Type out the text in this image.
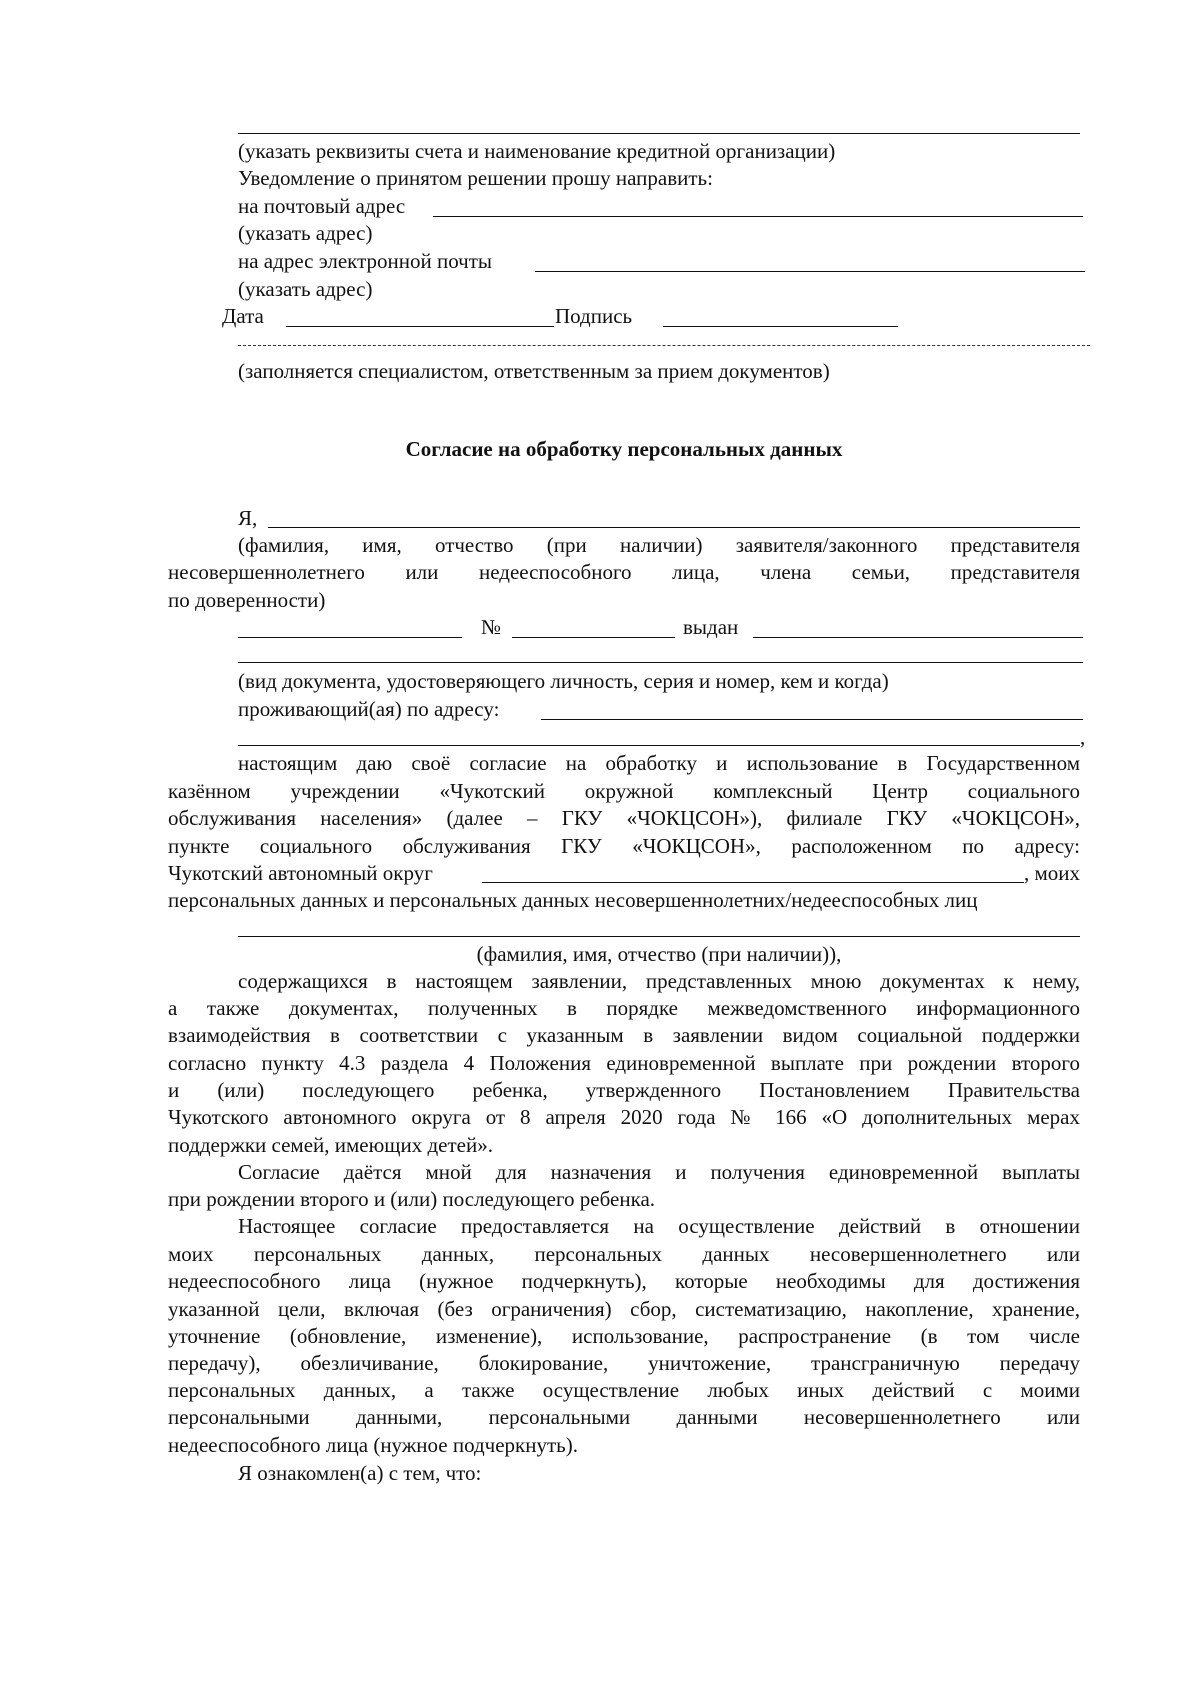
(указать реквизиты счета и наименование кредитной организации)
Уведомление о принятом решении прошу направить:
на почтовый адрес
(указать адрес)
на адрес электронной почты
(указать адрес)
Дата	Подпись
(заполняется специалистом, ответственным за прием документов)
Согласие на обработку персональных данных
Я,
(фамилия, имя, отчество (при наличии) заявителя/законного представителя
несовершеннолетнего или недееспособного лица, члена семьи, представителя
по доверенности)
№	выдан
(вид документа, удостоверяющего личность, серия и номер, кем и когда)
проживающий(ая) по адресу:
,
настоящим даю своё согласие на обработку и использование в Государственном
казённом учреждении «Чукотский окружной комплексный Центр социального
обслуживания населения» (далее – ГКУ «ЧОКЦСОН»), филиале ГКУ «ЧОКЦСОН»,
пункте социального обслуживания ГКУ «ЧОКЦСОН», расположенном по адресу:
Чукотский автономный округ	, моих
персональных данных и персональных данных несовершеннолетних/недееспособных лиц
(фамилия, имя, отчество (при наличии)),
содержащихся в настоящем заявлении, представленных мною документах к нему,
а также документах, полученных в порядке межведомственного информационного
взаимодействия в соответствии с указанным в заявлении видом социальной поддержки
согласно пункту 4.3 раздела 4 Положения единовременной выплате при рождении второго
и (или) последующего ребенка, утвержденного Постановлением Правительства
Чукотского автономного округа от 8 апреля 2020 года № 166 «О дополнительных мерах
поддержки семей, имеющих детей».
Согласие даётся мной для назначения и получения единовременной выплаты
при рождении второго и (или) последующего ребенка.
Настоящее согласие предоставляется на осуществление действий в отношении
моих персональных данных, персональных данных несовершеннолетнего или
недееспособного лица (нужное подчеркнуть), которые необходимы для достижения
указанной цели, включая (без ограничения) сбор, систематизацию, накопление, хранение,
уточнение (обновление, изменение), использование, распространение (в том числе
передачу), обезличивание, блокирование, уничтожение, трансграничную передачу
персональных данных, а также осуществление любых иных действий с моими
персональными данными, персональными данными несовершеннолетнего или
недееспособного лица (нужное подчеркнуть).
Я ознакомлен(а) с тем, что:
